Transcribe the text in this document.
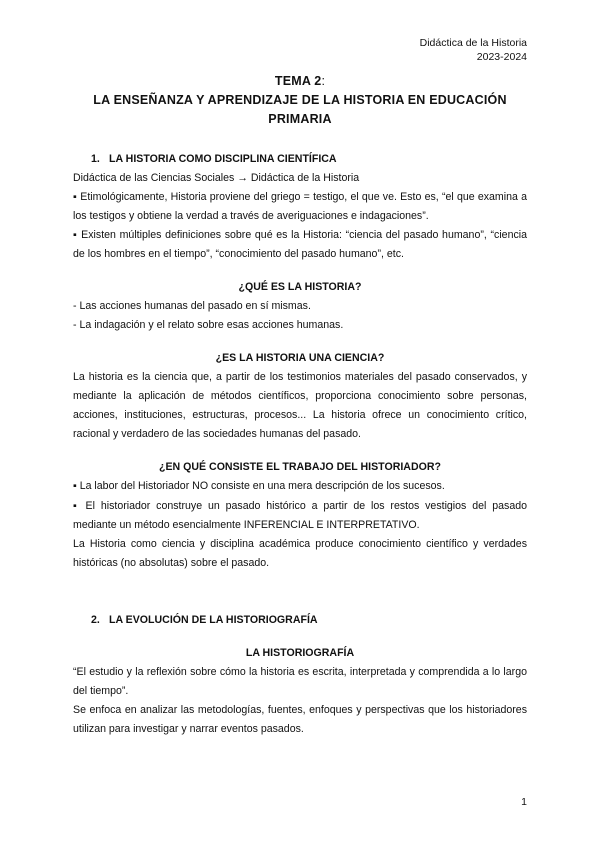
Didáctica de la Historia
2023-2024
TEMA 2:
LA ENSEÑANZA Y APRENDIZAJE DE LA HISTORIA EN EDUCACIÓN
PRIMARIA

1. LA HISTORIA COMO DISCIPLINA CIENTÍFICA

Didáctica de las Ciencias Sociales → Didáctica de la Historia

▪ Etimológicamente, Historia proviene del griego = testigo, el que ve. Esto es, “el que examina a los testigos y obtiene la verdad a través de averiguaciones e indagaciones”.

▪ Existen múltiples definiciones sobre qué es la Historia: “ciencia del pasado humano”, “ciencia de los hombres en el tiempo”, “conocimiento del pasado humano”, etc.

¿QUÉ ES LA HISTORIA?

- Las acciones humanas del pasado en sí mismas.

- La indagación y el relato sobre esas acciones humanas.

¿ES LA HISTORIA UNA CIENCIA?

La historia es la ciencia que, a partir de los testimonios materiales del pasado conservados, y mediante la aplicación de métodos científicos, proporciona conocimiento sobre personas, acciones, instituciones, estructuras, procesos... La historia ofrece un conocimiento crítico, racional y verdadero de las sociedades humanas del pasado.

¿EN QUÉ CONSISTE EL TRABAJO DEL HISTORIADOR?

▪ La labor del Historiador NO consiste en una mera descripción de los sucesos.

▪ El historiador construye un pasado histórico a partir de los restos vestigios del pasado mediante un método esencialmente INFERENCIAL E INTERPRETATIVO.

La Historia como ciencia y disciplina académica produce conocimiento científico y verdades históricas (no absolutas) sobre el pasado.

2. LA EVOLUCIÓN DE LA HISTORIOGRAFÍA

LA HISTORIOGRAFÍA

“El estudio y la reflexión sobre cómo la historia es escrita, interpretada y comprendida a lo largo del tiempo”.

Se enfoca en analizar las metodologías, fuentes, enfoques y perspectivas que los historiadores utilizan para investigar y narrar eventos pasados.

1
